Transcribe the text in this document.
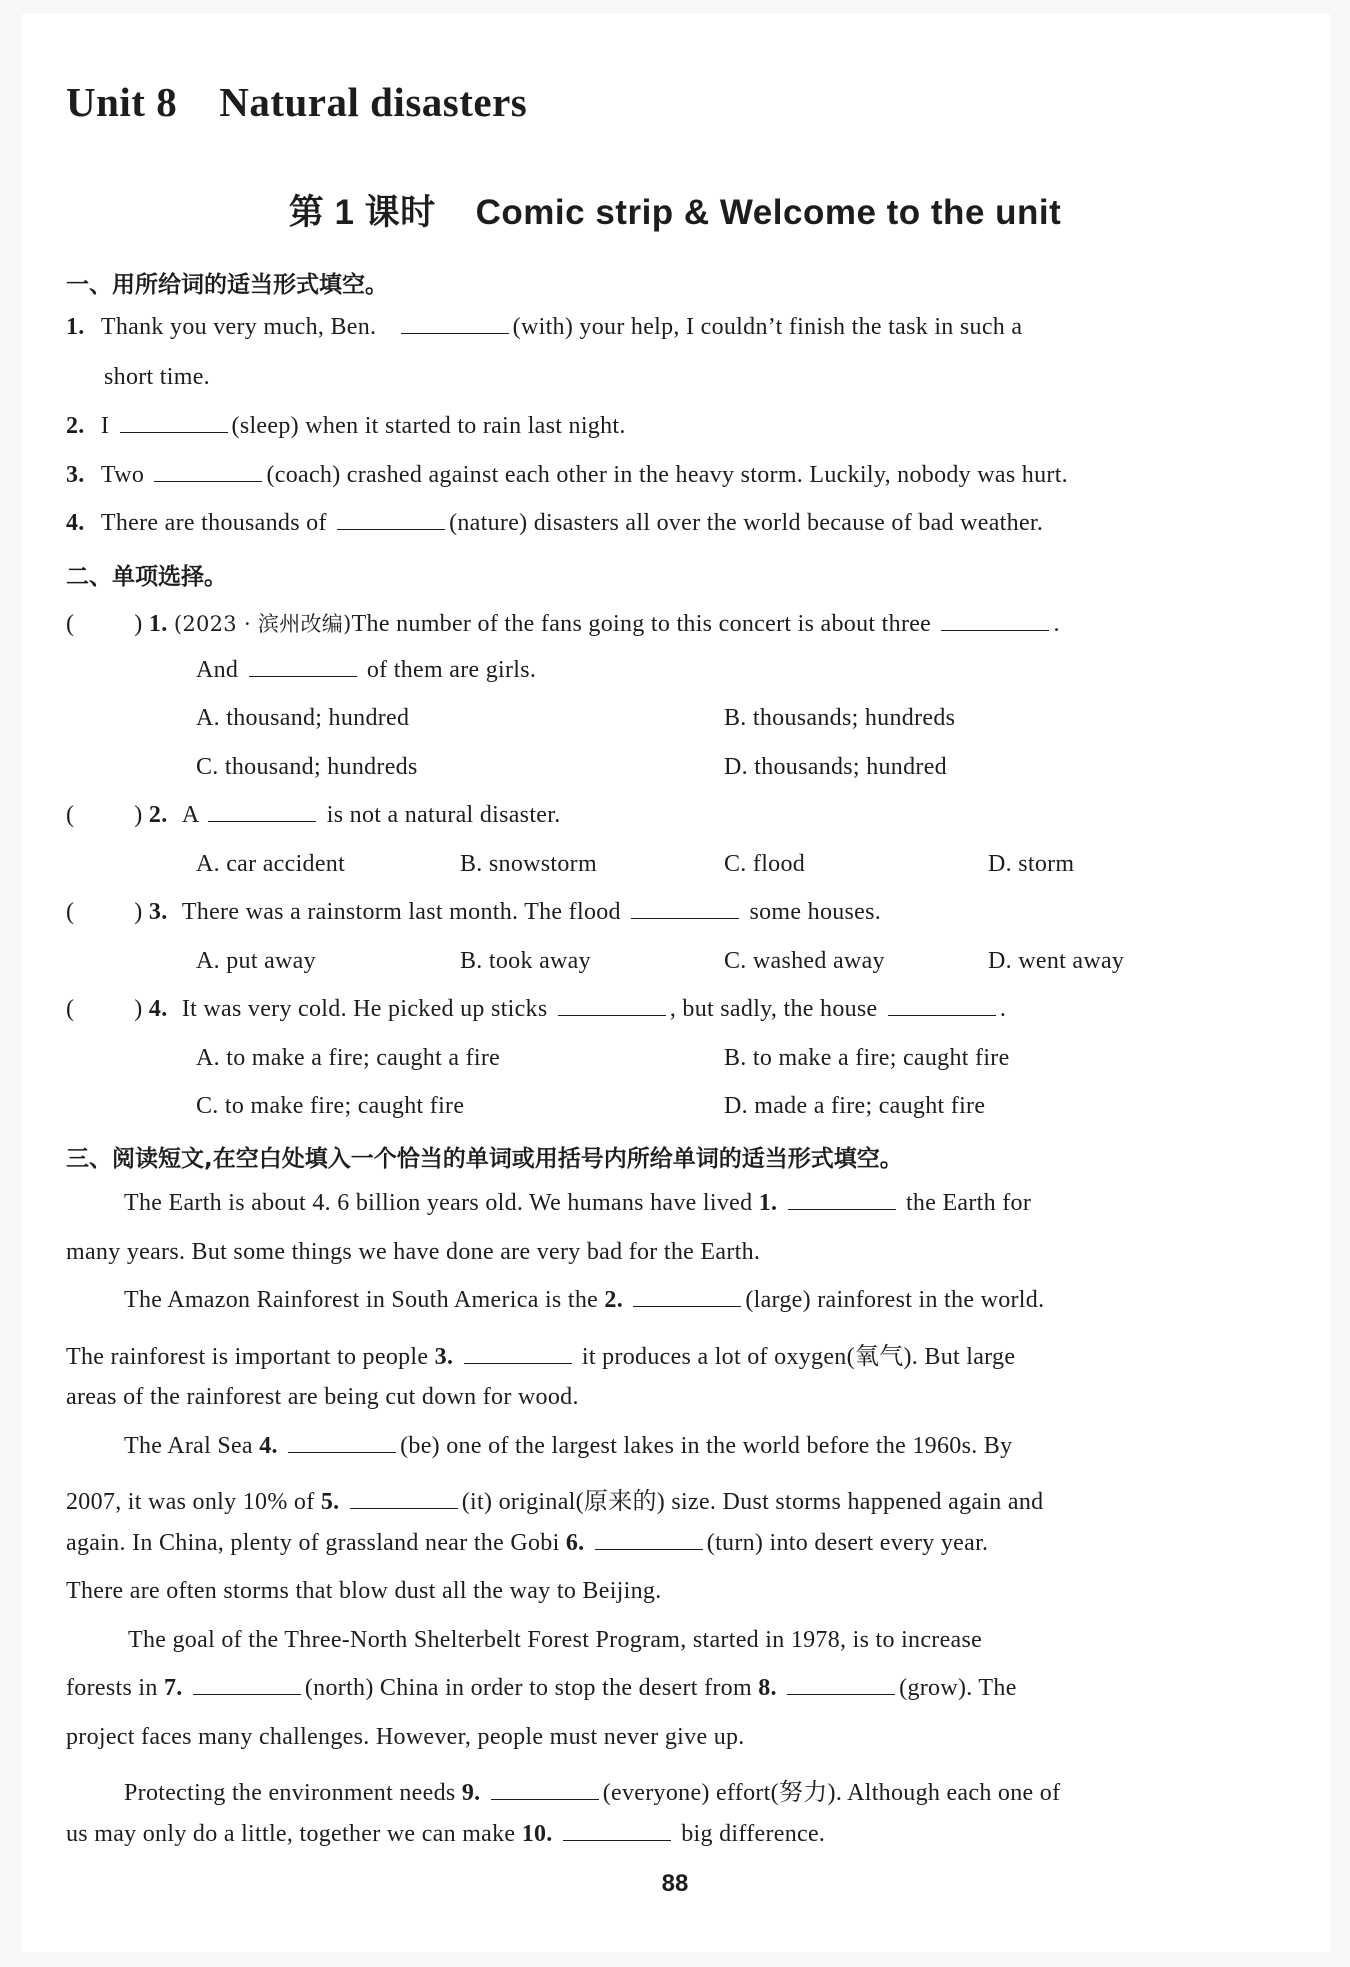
Unit 8 Natural disasters
第 1 课时 Comic strip & Welcome to the unit
一、用所给词的适当形式填空。
1. Thank you very much, Ben.	(with) your help, I couldn’t finish the task in such a
short time.
2. I	(sleep) when it started to rain last night.
3. Two	(coach) crashed against each other in the heavy storm. Luckily, nobody was hurt.
4. There are thousands of	(nature) disasters all over the world because of bad weather.
二、单项选择。
(	) 1. (2023 · 滨州改编)The number of the fans going to this concert is about three	.
And	of them are girls.
A. thousand; hundred	B. thousands; hundreds
C. thousand; hundreds	D. thousands; hundred
(	) 2. A	is not a natural disaster.
A. car accident	B. snowstorm	C. flood	D. storm
(	) 3. There was a rainstorm last month. The flood	some houses.
A. put away	B. took away	C. washed away	D. went away
(	) 4. It was very cold. He picked up sticks	, but sadly, the house	.
A. to make a fire; caught a fire	B. to make a fire; caught fire
C. to make fire; caught fire	D. made a fire; caught fire
三、阅读短文,在空白处填入一个恰当的单词或用括号内所给单词的适当形式填空。
The Earth is about 4. 6 billion years old. We humans have lived 1.	the Earth for
many years. But some things we have done are very bad for the Earth.
The Amazon Rainforest in South America is the 2.	(large) rainforest in the world.
The rainforest is important to people 3.	it produces a lot of oxygen(氧气). But large
areas of the rainforest are being cut down for wood.
The Aral Sea 4.	(be) one of the largest lakes in the world before the 1960s. By
2007, it was only 10% of 5.	(it) original(原来的) size. Dust storms happened again and
again. In China, plenty of grassland near the Gobi 6.	(turn) into desert every year.
There are often storms that blow dust all the way to Beijing.
The goal of the Three-North Shelterbelt Forest Program, started in 1978, is to increase
forests in 7.	(north) China in order to stop the desert from 8.	(grow). The
project faces many challenges. However, people must never give up.
Protecting the environment needs 9.	(everyone) effort(努力). Although each one of
us may only do a little, together we can make 10.	big difference.
88
